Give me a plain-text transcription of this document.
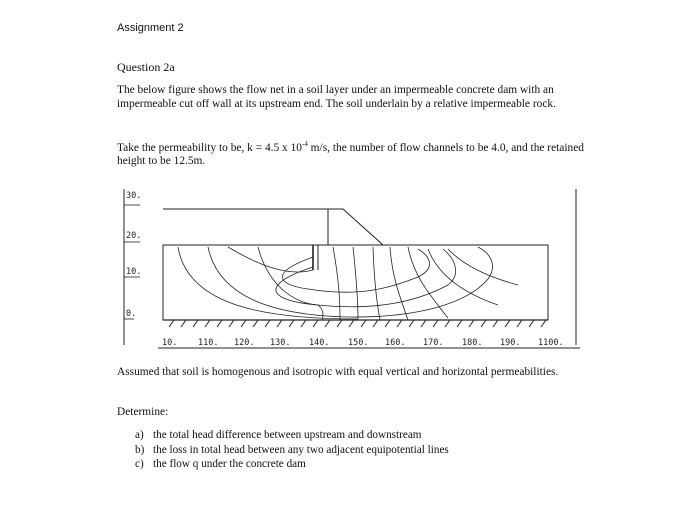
Assignment 2
Question 2a

The below figure shows the flow net in a soil layer under an impermeable concrete dam with an impermeable cut off wall at its upstream end. The soil underlain by a relative impermeable rock.

Take the permeability to be, k = 4.5 x $10^{-4}$ m/s, the number of flow channels to be 4.0, and the retained height to be 12.5m.

30.
20.
10.
0.
10. 110. 120. 130. 140. 150. 160. 170. 180. 190. 1100.

Assumed that soil is homogenous and isotropic with equal vertical and horizontal permeabilities.

Determine:

a) the total head difference between upstream and downstream
b) the loss in total head between any two adjacent equipotential lines
c) the flow q under the concrete dam
